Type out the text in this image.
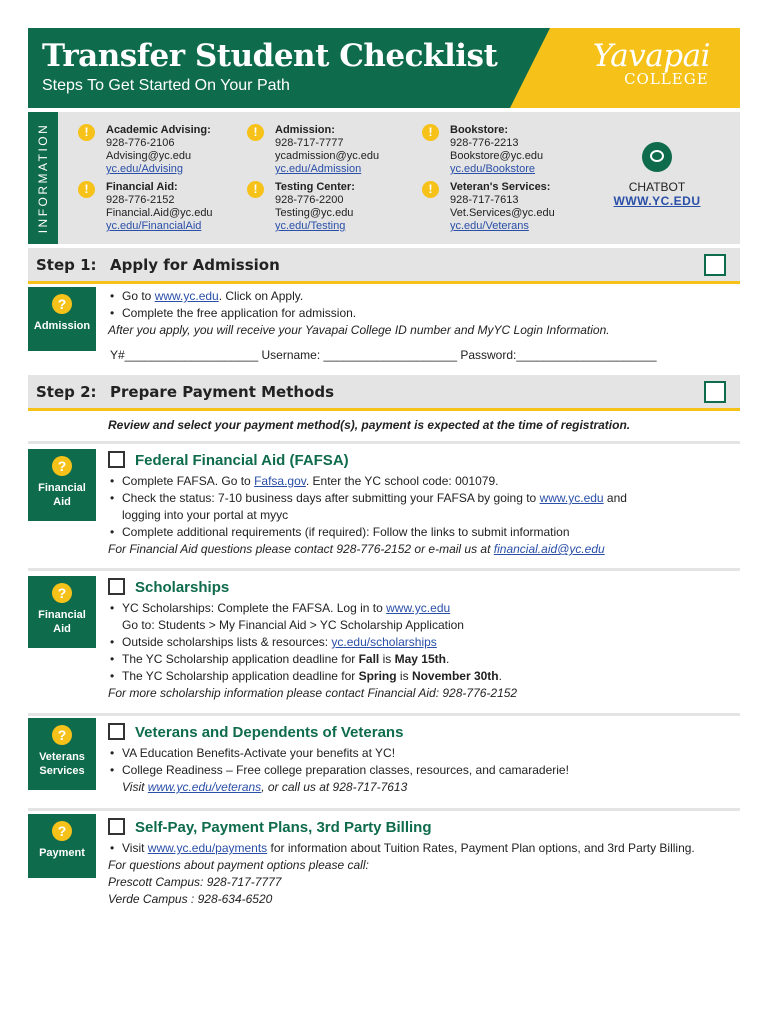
Transfer Student Checklist
Steps To Get Started On Your Path
Yavapai
COLLEGE
INFORMATION	!	Academic Advising:
928-776-2106
Advising@yc.edu
yc.edu/Advising
!	Admission:
928-717-7777
ycadmission@yc.edu
yc.edu/Admission
!	Bookstore:
928-776-2213
Bookstore@yc.edu
yc.edu/Bookstore
!	Financial Aid:
928-776-2152
Financial.Aid@yc.edu
yc.edu/FinancialAid
!	Testing Center:
928-776-2200
Testing@yc.edu
yc.edu/Testing
!	Veteran's Services:
928-717-7613
Vet.Services@yc.edu
yc.edu/Veterans
CHATBOT
WWW.YC.EDU
Step 1: Apply for Admission
?
Admission
• Go to www.yc.edu. Click on Apply.
• Complete the free application for admission.
After you apply, you will receive your Yavapai College ID number and MyYC Login Information.
Y#____________________ Username: ____________________ Password:_____________________
Step 2: Prepare Payment Methods
Review and select your payment method(s), payment is expected at the time of registration.
?
Financial
Aid
Federal Financial Aid (FAFSA)
• Complete FAFSA. Go to Fafsa.gov. Enter the YC school code: 001079.
• Check the status: 7-10 business days after submitting your FAFSA by going to www.yc.edu and
logging into your portal at myyc
• Complete additional requirements (if required): Follow the links to submit information
For Financial Aid questions please contact 928-776-2152 or e-mail us at financial.aid@yc.edu
?
Financial
Aid
Scholarships
• YC Scholarships: Complete the FAFSA. Log in to www.yc.edu
Go to: Students > My Financial Aid > YC Scholarship Application
• Outside scholarships lists & resources: yc.edu/scholarships
• The YC Scholarship application deadline for Fall is May 15th.
• The YC Scholarship application deadline for Spring is November 30th.
For more scholarship information please contact Financial Aid: 928-776-2152
?
Veterans
Services
Veterans and Dependents of Veterans
• VA Education Benefits-Activate your benefits at YC!
• College Readiness – Free college preparation classes, resources, and camaraderie!
Visit www.yc.edu/veterans, or call us at 928-717-7613
?
Payment
Self-Pay, Payment Plans, 3rd Party Billing
• Visit www.yc.edu/payments for information about Tuition Rates, Payment Plan options, and 3rd Party Billing.
For questions about payment options please call:
Prescott Campus: 928-717-7777
Verde Campus : 928-634-6520
